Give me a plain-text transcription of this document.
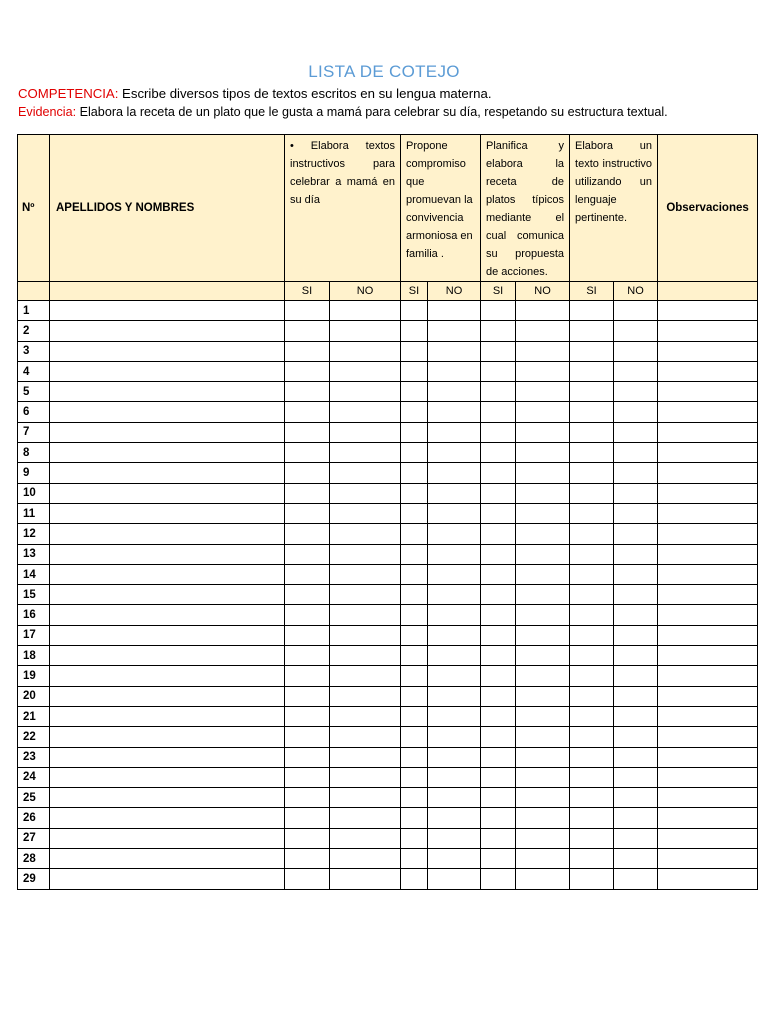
LISTA DE COTEJO
COMPETENCIA: Escribe diversos tipos de textos escritos en su lengua materna.
Evidencia: Elabora la receta de un plato que le gusta a mamá para celebrar su día, respetando su estructura textual.
Nº	APELLIDOS Y NOMBRES	• Elabora textos instructivos para celebrar a mamá en su día		Propone compromiso que promuevan la convivencia armoniosa en familia .		Planifica y elabora la receta de platos típicos mediante el cual comunica su propuesta de acciones.		Elabora un texto instructivo utilizando un lenguaje pertinente.		Observaciones
		SI	NO	SI	NO	SI	NO	SI	NO	
1										
2										
3										
4										
5										
6										
7										
8										
9										
10										
11										
12										
13										
14										
15										
16										
17										
18										
19										
20										
21										
22										
23										
24										
25										
26										
27										
28										
29										
